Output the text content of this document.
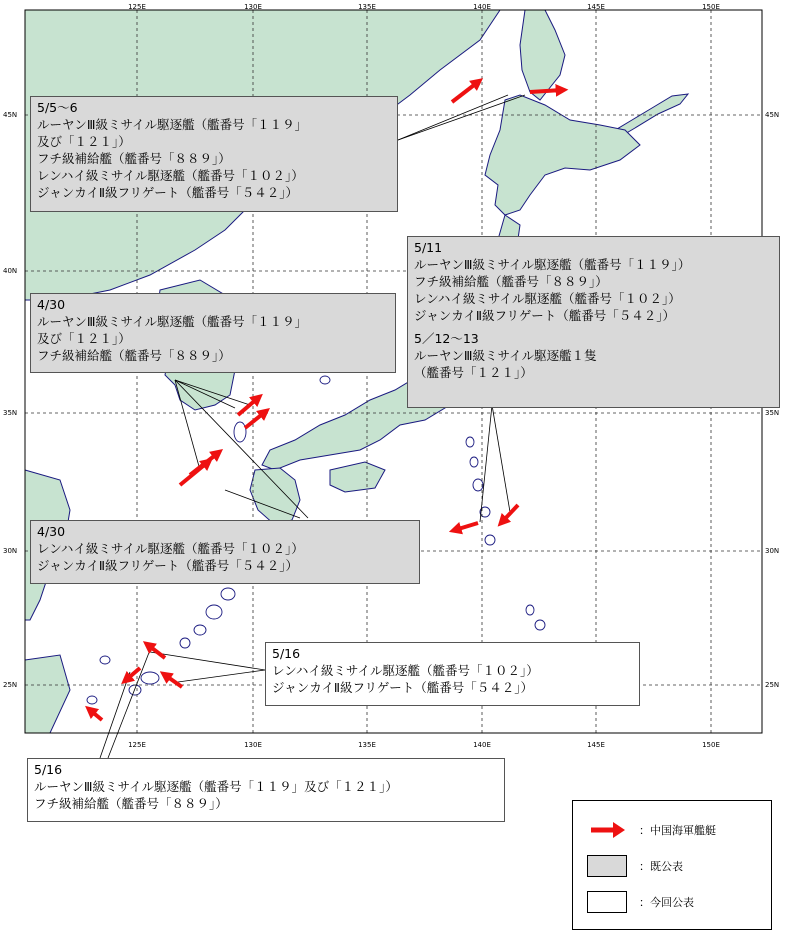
125E
125E
130E
130E
135E
135E
140E
140E
145E
145E
150E
150E
45N	45N
40N
35N	35N
30N	30N
25N	25N
5/5～6
ルーヤンⅢ級ミサイル駆逐艦（艦番号「１１９」
及び「１２１」）
フチ級補給艦（艦番号「８８９」）
レンハイ級ミサイル駆逐艦（艦番号「１０２」）
ジャンカイⅡ級フリゲート（艦番号「５４２」）
5/11
ルーヤンⅢ級ミサイル駆逐艦（艦番号「１１９」）
フチ級補給艦（艦番号「８８９」）
レンハイ級ミサイル駆逐艦（艦番号「１０２」）
ジャンカイⅡ級フリゲート（艦番号「５４２」）
5／12～13
ルーヤンⅢ級ミサイル駆逐艦１隻
（艦番号「１２１」）
4/30
ルーヤンⅢ級ミサイル駆逐艦（艦番号「１１９」
及び「１２１」）
フチ級補給艦（艦番号「８８９」）
4/30
レンハイ級ミサイル駆逐艦（艦番号「１０２」）
ジャンカイⅡ級フリゲート（艦番号「５４２」）
5/16
レンハイ級ミサイル駆逐艦（艦番号「１０２」）
ジャンカイⅡ級フリゲート（艦番号「５４２」）
5/16
ルーヤンⅢ級ミサイル駆逐艦（艦番号「１１９」及び「１２１」）
フチ級補給艦（艦番号「８８９」）
：中国海軍艦艇
：既公表
：今回公表
